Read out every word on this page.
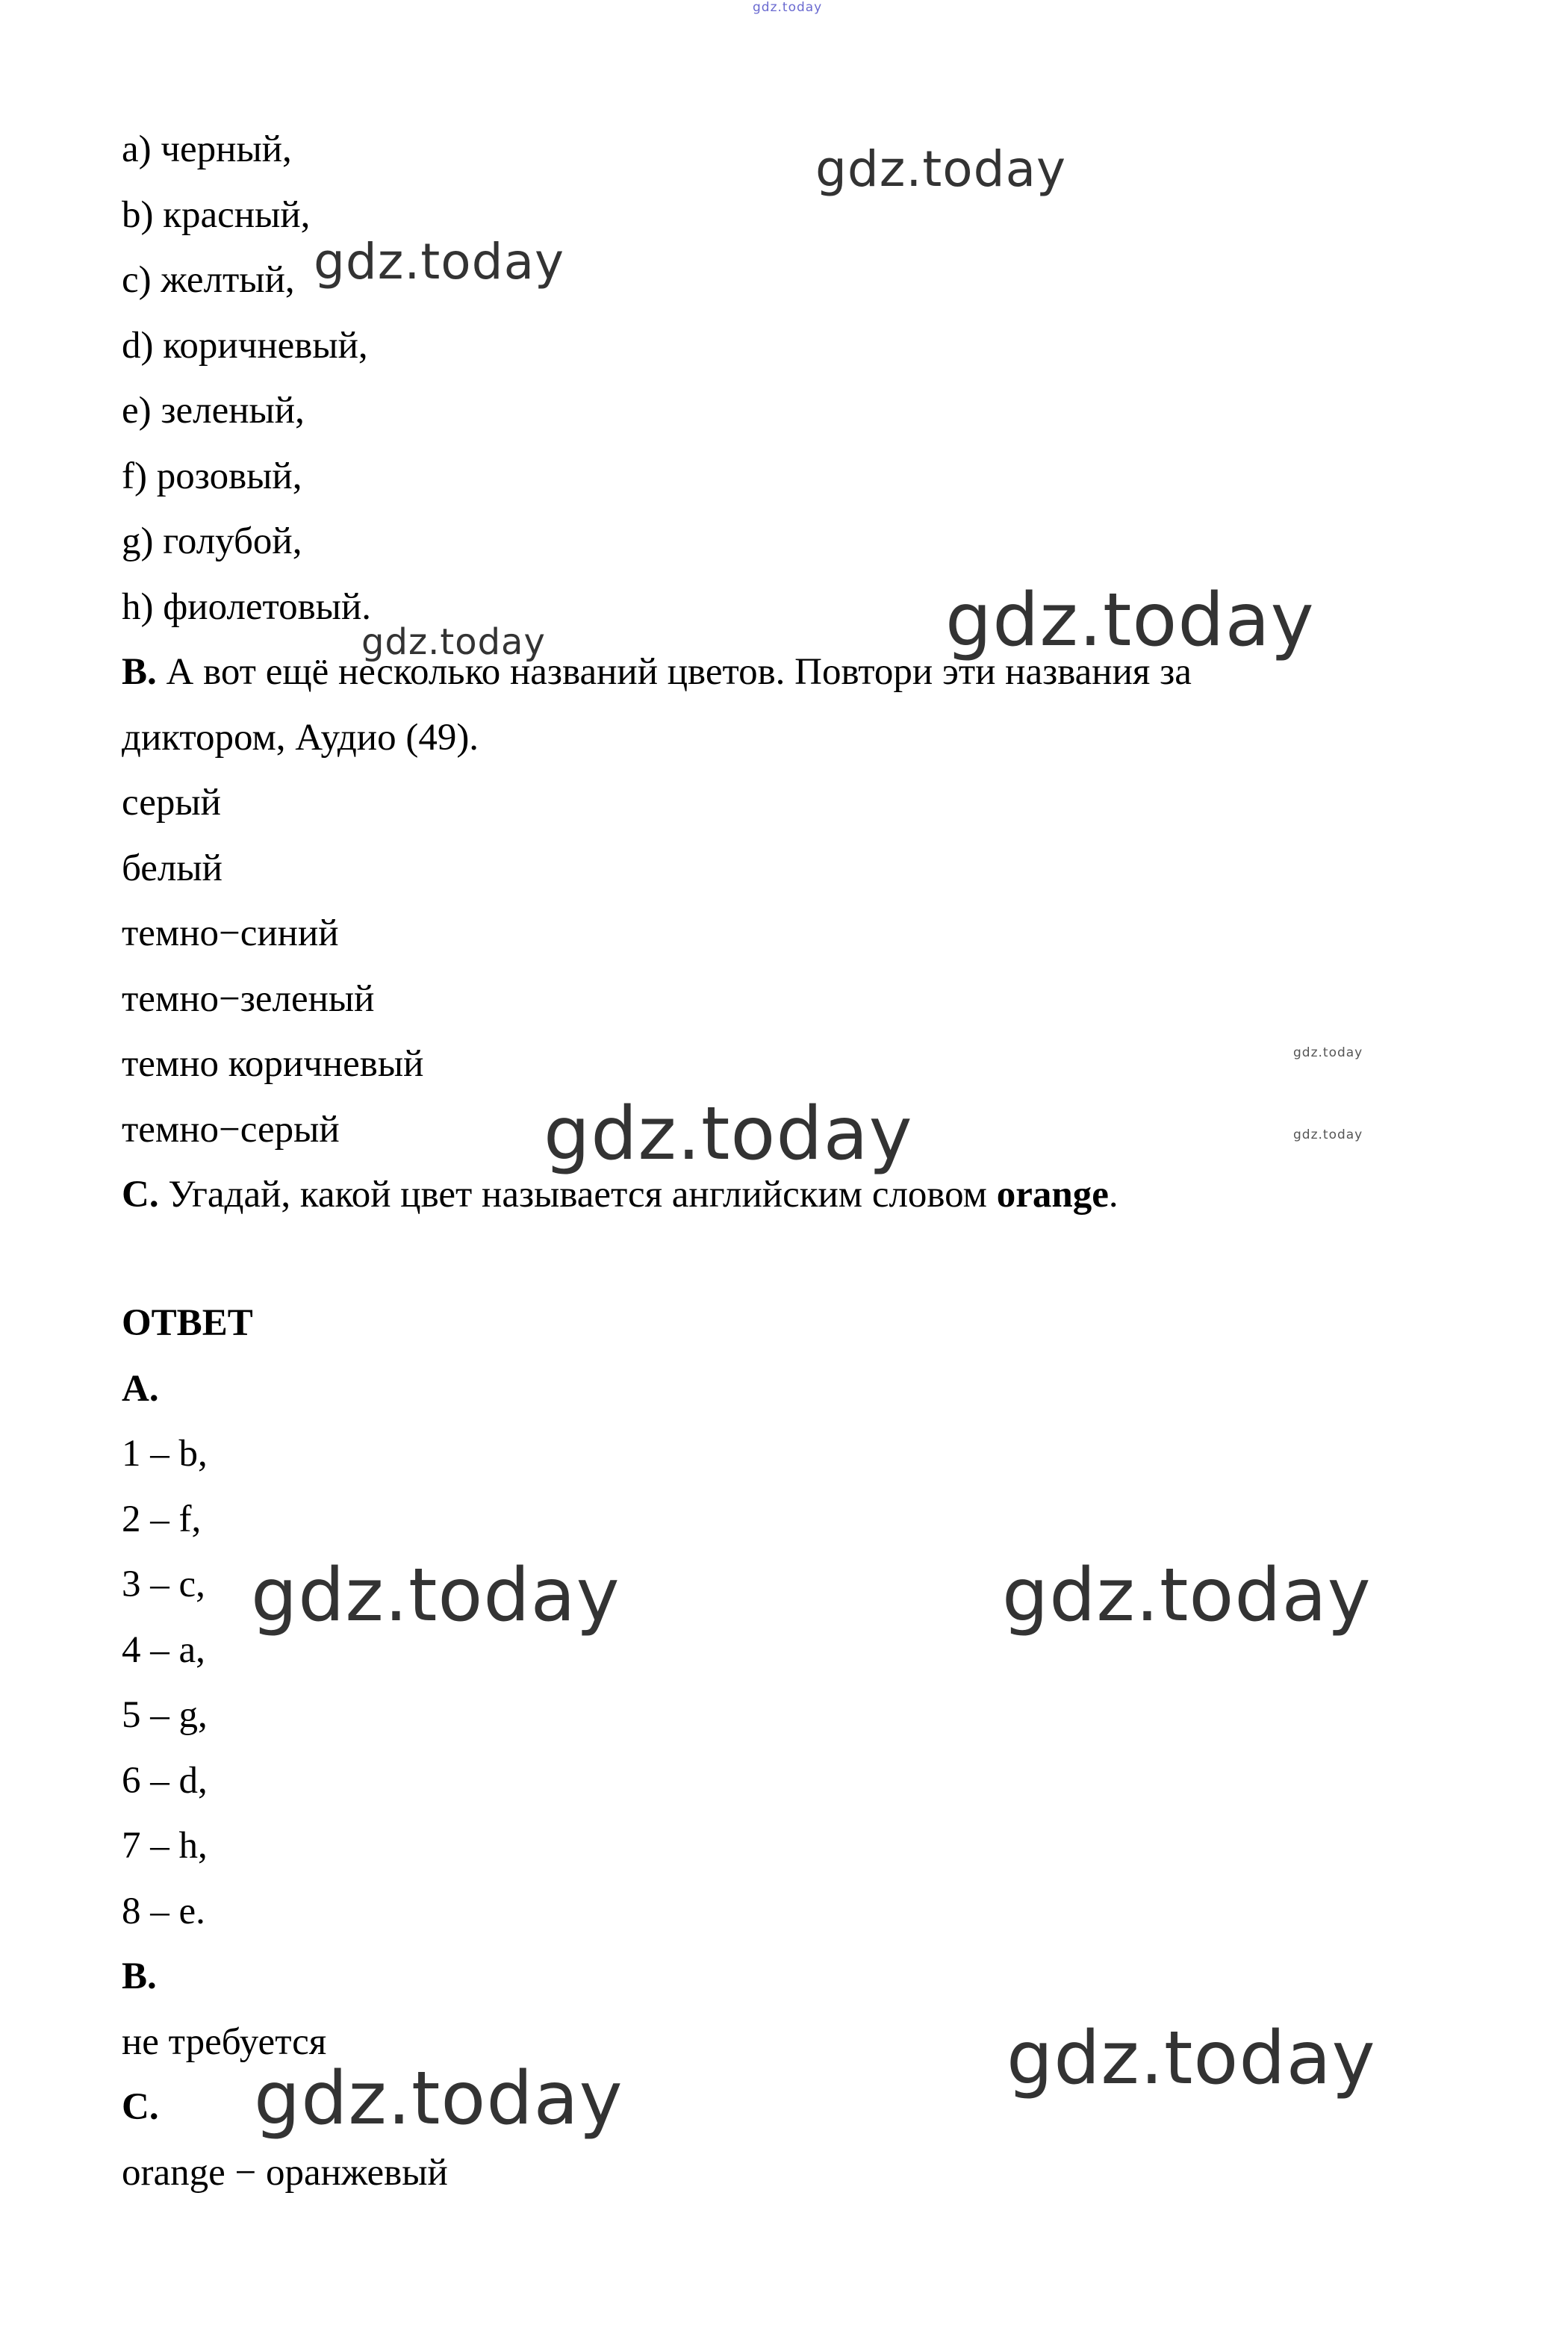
a) черный,
b) красный,
c) желтый,
d) коричневый,
e) зеленый,
f) розовый,
g) голубой,
h) фиолетовый.
B. А вот ещё несколько названий цветов. Повтори эти названия за
диктором, Аудио (49).
серый
белый
темно−синий
темно−зеленый
темно коричневый
темно−серый
C. Угадай, какой цвет называется английским словом orange.
ОТВЕТ
A.
1 – b,
2 – f,
3 – c,
4 – a,
5 – g,
6 – d,
7 – h,
8 – e.
B.
не требуется
C.
orange − оранжевый
gdz.today
gdz.today
gdz.today
gdz.today	gdz.today
gdz.today
gdz.today
gdz.today
gdz.today	gdz.today
gdz.today
gdz.today
